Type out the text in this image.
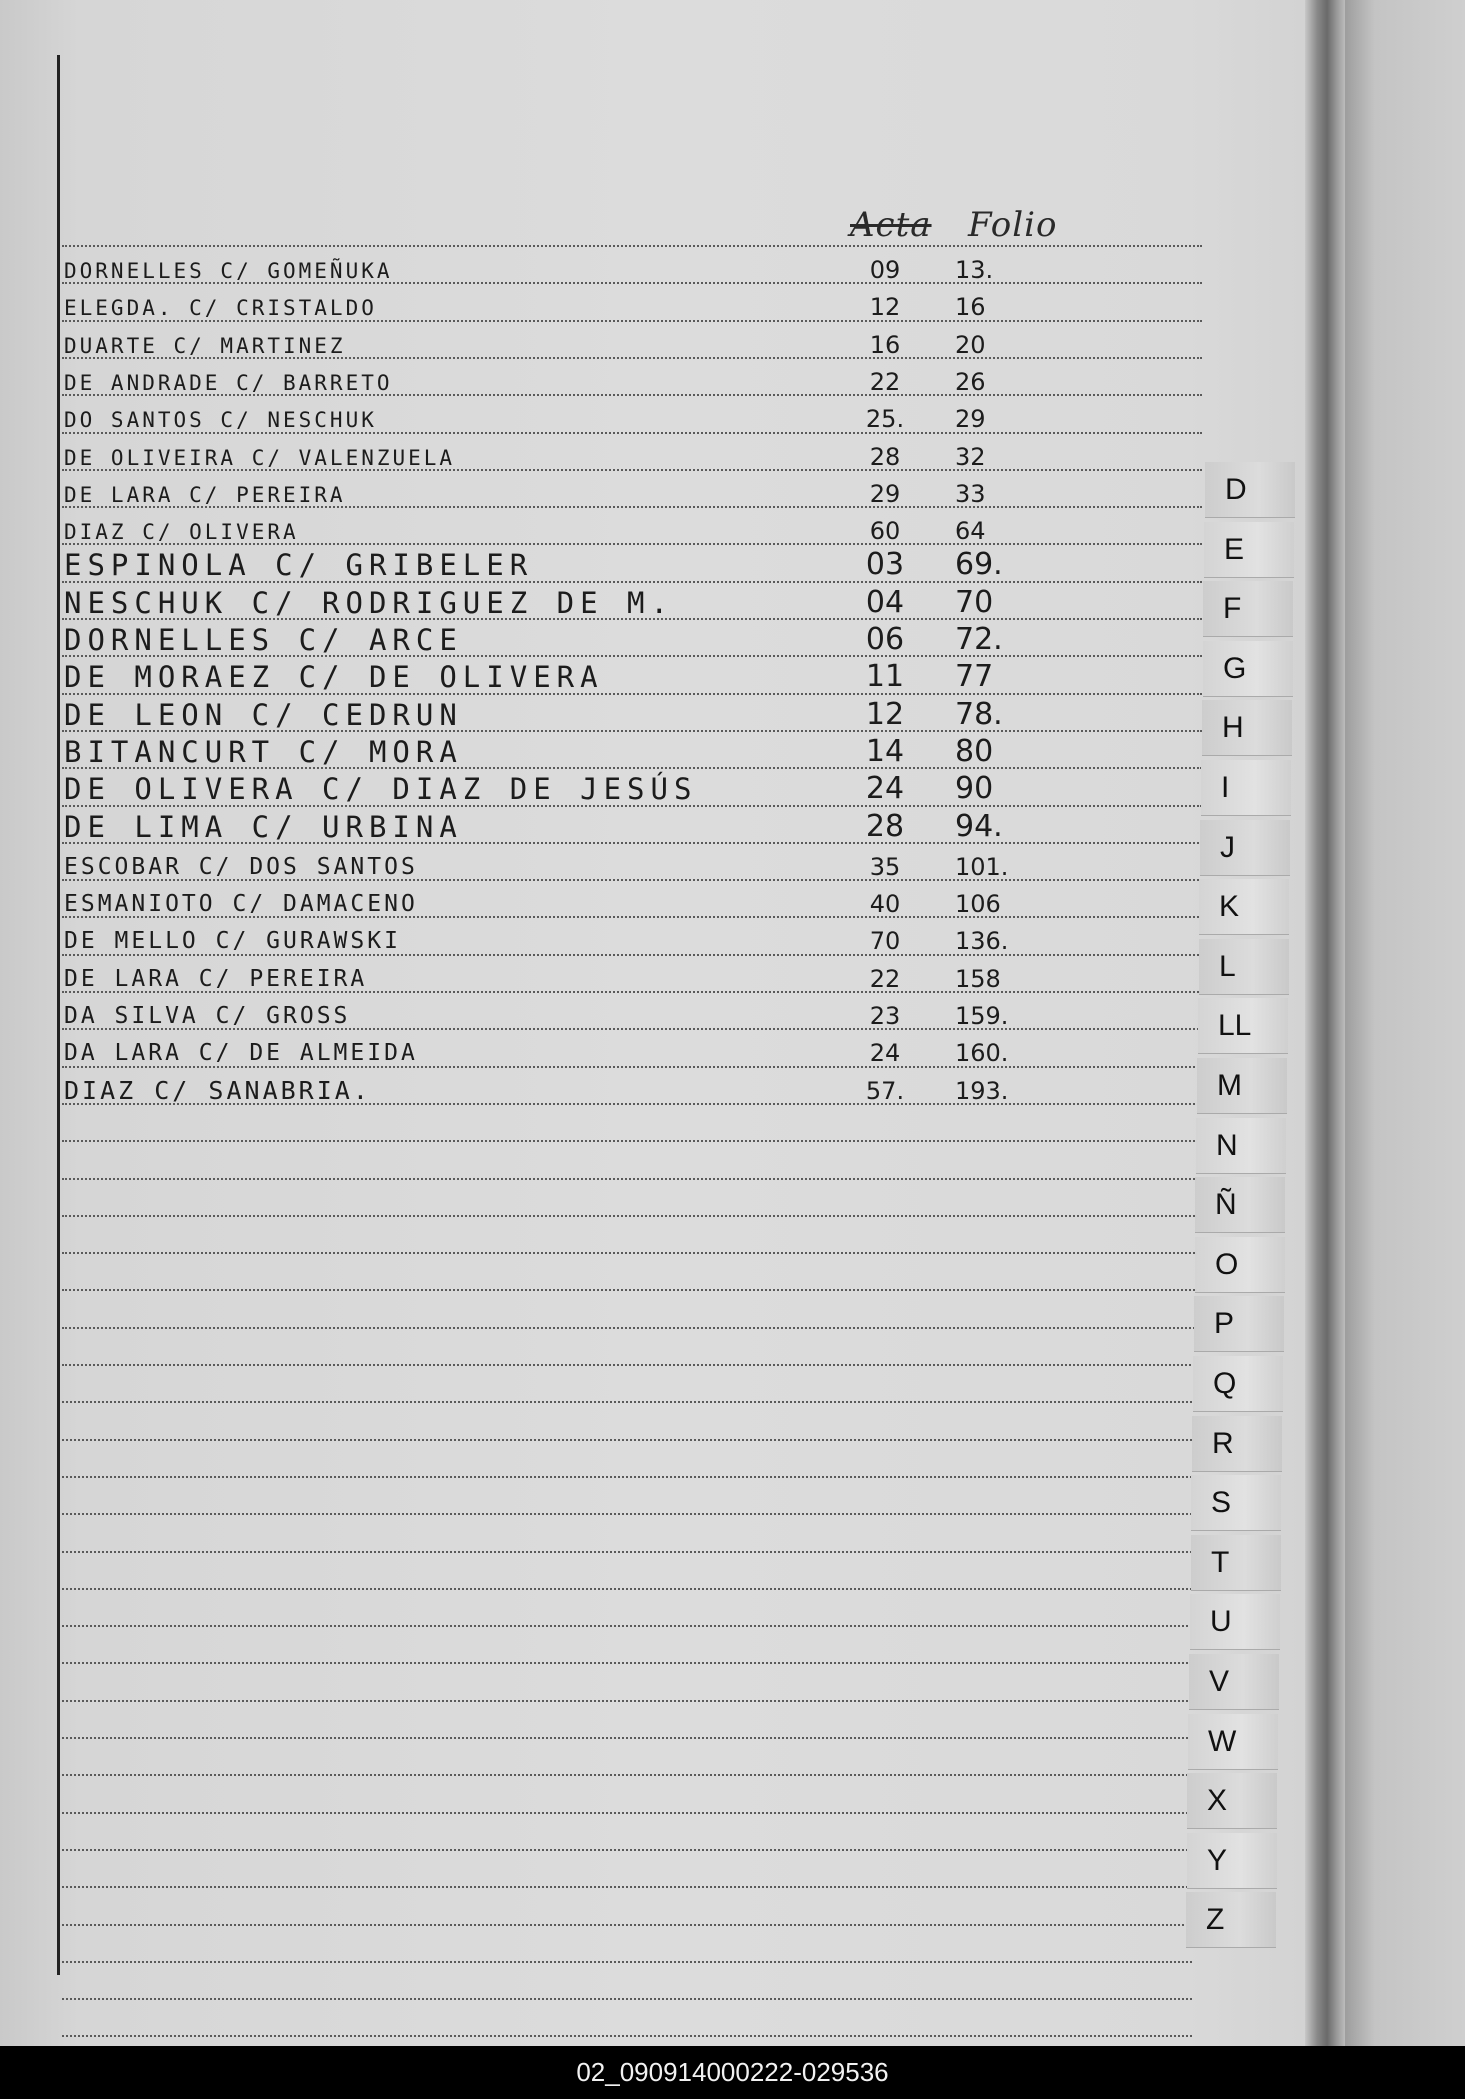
Acta Folio
DORNELLES C/ GOMEÑUKA	09	13.
ELEGDA. C/ CRISTALDO	12	16
DUARTE C/ MARTINEZ	16	20
DE ANDRADE C/ BARRETO	22	26
DO SANTOS C/ NESCHUK	25.	29
DE OLIVEIRA C/ VALENZUELA	28	32
DE LARA C/ PEREIRA	29	33
DIAZ C/ OLIVERA	60	64
ESPINOLA C/ GRIBELER	03	69.
NESCHUK C/ RODRIGUEZ DE M.	04	70
DORNELLES C/ ARCE	06	72.
DE MORAEZ C/ DE OLIVERA	11	77
DE LEON C/ CEDRUN	12	78.
BITANCURT C/ MORA	14	80
DE OLIVERA C/ DIAZ DE JESÚS	24	90
DE LIMA C/ URBINA	28	94.
ESCOBAR C/ DOS SANTOS	35	101.
ESMANIOTO C/ DAMACENO	40	106
DE MELLO C/ GURAWSKI	70	136.
DE LARA C/ PEREIRA	22	158
DA SILVA C/ GROSS	23	159.
DA LARA C/ DE ALMEIDA	24	160.
DIAZ C/ SANABRIA.	57.	193.
D
E
F
G
H
I
J
K
L
LL
M
N
Ñ
O
P
Q
R
S
T
U
V
W
X
Y
Z
02_090914000222-029536
